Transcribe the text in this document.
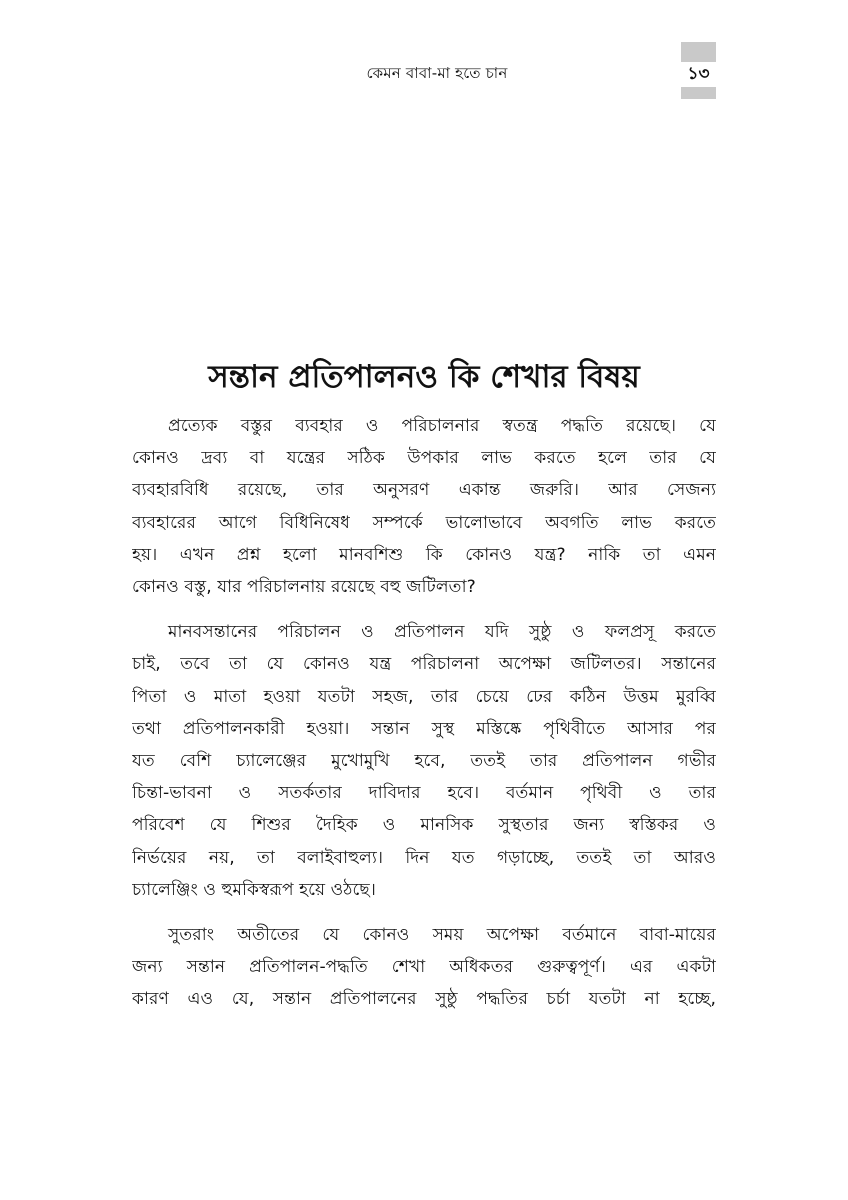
কেমন বাবা-মা হতে চান	১৩
সন্তান প্রতিপালনও কি শেখার বিষয়

প্রত্যেক বস্তুর ব্যবহার ও পরিচালনার স্বতন্ত্র পদ্ধতি রয়েছে। যে
কোনও দ্রব্য বা যন্ত্রের সঠিক উপকার লাভ করতে হলে তার যে
ব্যবহারবিধি রয়েছে, তার অনুসরণ একান্ত জরুরি। আর সেজন্য
ব্যবহারের আগে বিধিনিষেধ সম্পর্কে ভালোভাবে অবগতি লাভ করতে
হয়। এখন প্রশ্ন হলো মানবশিশু কি কোনও যন্ত্র? নাকি তা এমন
কোনও বস্তু, যার পরিচালনায় রয়েছে বহু জটিলতা?

মানবসন্তানের পরিচালন ও প্রতিপালন যদি সুষ্ঠু ও ফলপ্রসূ করতে
চাই, তবে তা যে কোনও যন্ত্র পরিচালনা অপেক্ষা জটিলতর। সন্তানের
পিতা ও মাতা হওয়া যতটা সহজ, তার চেয়ে ঢের কঠিন উত্তম মুরব্বি
তথা প্রতিপালনকারী হওয়া। সন্তান সুস্থ মস্তিষ্কে পৃথিবীতে আসার পর
যত বেশি চ্যালেঞ্জের মুখোমুখি হবে, ততই তার প্রতিপালন গভীর
চিন্তা-ভাবনা ও সতর্কতার দাবিদার হবে। বর্তমান পৃথিবী ও তার
পরিবেশ যে শিশুর দৈহিক ও মানসিক সুস্থতার জন্য স্বস্তিকর ও
নির্ভয়ের নয়, তা বলাইবাহুল্য। দিন যত গড়াচ্ছে, ততই তা আরও
চ্যালেঞ্জিং ও হুমকিস্বরূপ হয়ে ওঠছে।

সুতরাং অতীতের যে কোনও সময় অপেক্ষা বর্তমানে বাবা-মায়ের
জন্য সন্তান প্রতিপালন-পদ্ধতি শেখা অধিকতর গুরুত্বপূর্ণ। এর একটা
কারণ এও যে, সন্তান প্রতিপালনের সুষ্ঠু পদ্ধতির চর্চা যতটা না হচ্ছে,
